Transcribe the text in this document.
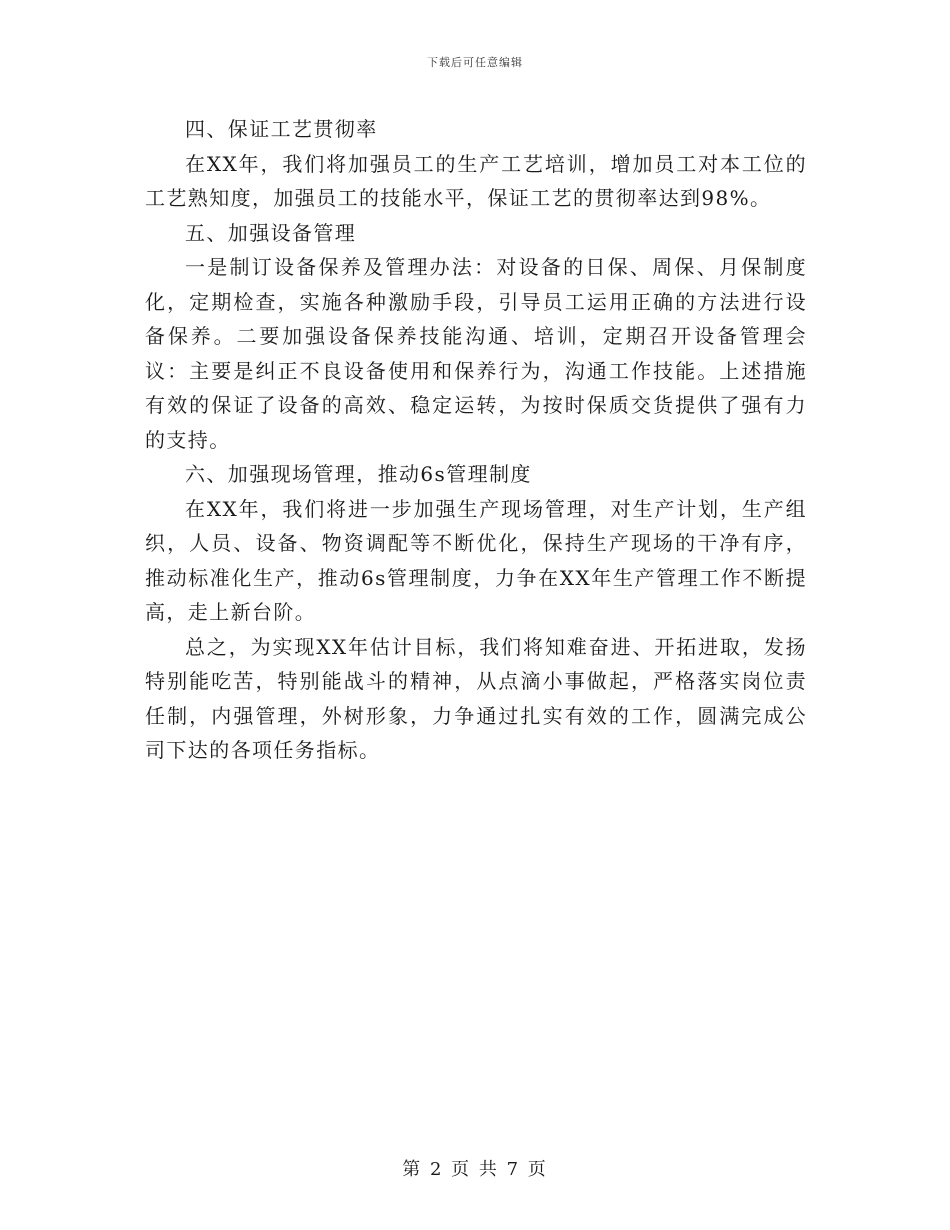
下载后可任意编辑

四、保证工艺贯彻率

在XX年，我们将加强员工的生产工艺培训，增加员工对本工位的工艺熟知度，加强员工的技能水平，保证工艺的贯彻率达到98%。

五、加强设备管理

一是制订设备保养及管理办法：对设备的日保、周保、月保制度化，定期检查，实施各种激励手段，引导员工运用正确的方法进行设备保养。二要加强设备保养技能沟通、培训，定期召开设备管理会议：主要是纠正不良设备使用和保养行为，沟通工作技能。上述措施有效的保证了设备的高效、稳定运转，为按时保质交货提供了强有力的支持。

六、加强现场管理，推动6s管理制度

在XX年，我们将进一步加强生产现场管理，对生产计划，生产组织，人员、设备、物资调配等不断优化，保持生产现场的干净有序，推动标准化生产，推动6s管理制度，力争在XX年生产管理工作不断提高，走上新台阶。

总之，为实现XX年估计目标，我们将知难奋进、开拓进取，发扬特别能吃苦，特别能战斗的精神，从点滴小事做起，严格落实岗位责任制，内强管理，外树形象，力争通过扎实有效的工作，圆满完成公司下达的各项任务指标。

第 2 页 共 7 页
